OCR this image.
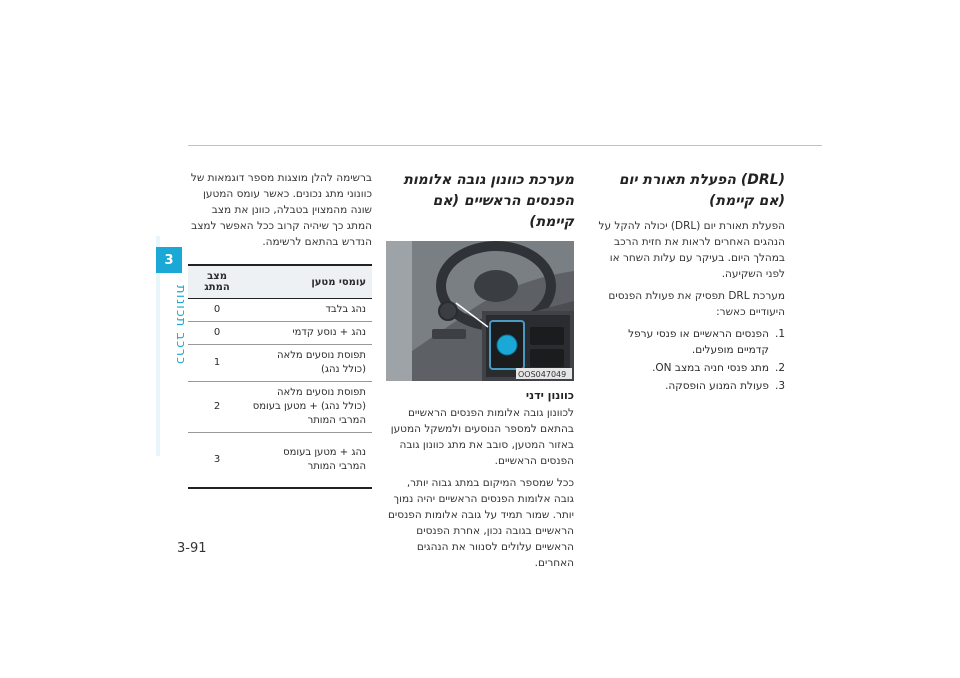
3
כרכב תכונות
3-91
(DRL) הפעלת תאורת יום
(אם קיימת)

הפעלת תאורת יום (DRL) יכולה להקל על הנהגים האחרים לראות את חזית הרכב במהלך היום. בעיקר עם עלות השחר או לפני השקיעה.

מערכת DRL תפסיק את פעולת הפנסים היעודיים כאשר:

1.
הפנסים הראשיים או פנסי ערפל קדמיים מופעלים.
2.
מתג פנסי חניה במצב ON.
3.
פעולת המנוע הופסקה.
מערכת כוונון גובה אלומות
הפנסים הראשיים (אם קיימת)
OOS047049
כוונון ידני

לכוונון גובה אלומות הפנסים הראשיים בהתאם למספר הנוסעים ולמשקל המטען באזור המטען, סובב את מתג כוונון גובה הפנסים הראשיים.

ככל שמספר המיקום במתג גבוה יותר, גובה אלומות הפנסים הראשיים יהיה נמוך יותר. שמור תמיד על גובה אלומות הפנסים הראשיים בגובה נכון, אחרת הפנסים הראשיים עלולים לסנוור את הנהגים האחרים.

ברשימה להלן מוצגות מספר דוגמאות של כוונוני מתג נכונים. כאשר עומס המטען שונה מהמצוין בטבלה, כוונן את מצב המתג כך שיהיה קרוב ככל האפשר למצב הנדרש בהתאם לרשימה.

עומסי מטען	מצב המתג

נהג בלבד	0

נהג + נוסע קדמי	0

תפוסת נוסעים מלאה
(כולל נהג)	1

תפוסת נוסעים מלאה
(כולל נהג) + מטען בעומס
המרבי המותר	2

נהג + מטען בעומס
המרבי המותר	3
